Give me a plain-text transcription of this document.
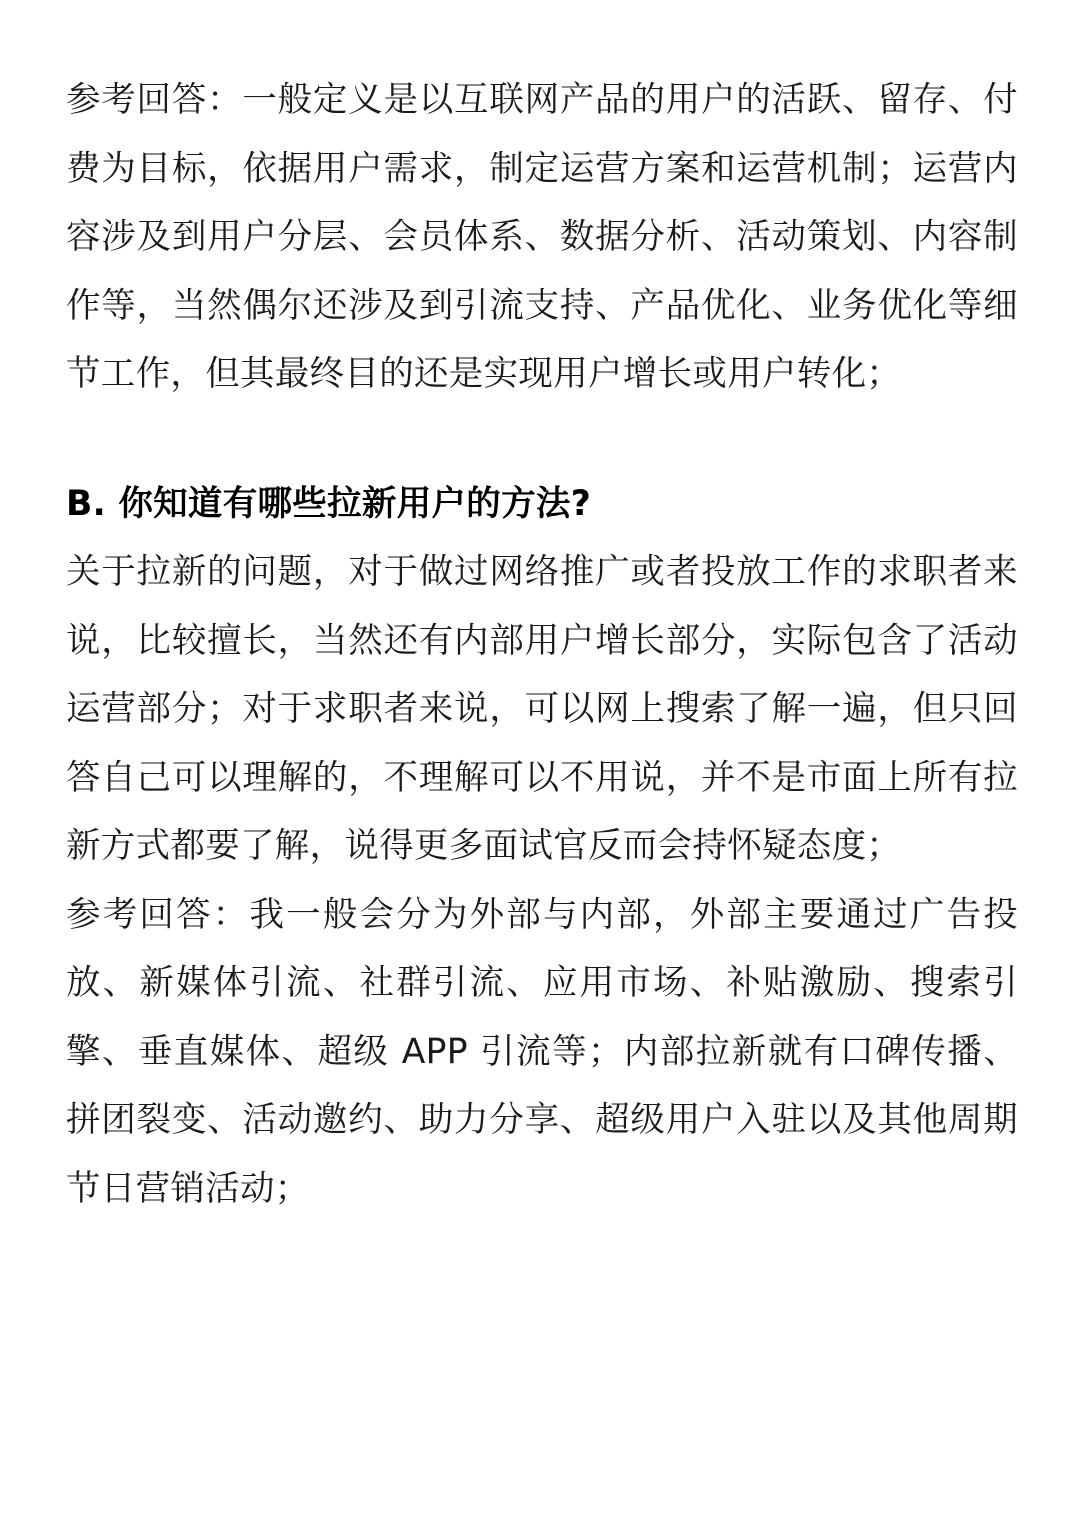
参考回答：一般定义是以互联网产品的用户的活跃、留存、付费为目标，依据用户需求，制定运营方案和运营机制；运营内容涉及到用户分层、会员体系、数据分析、活动策划、内容制作等，当然偶尔还涉及到引流支持、产品优化、业务优化等细节工作，但其最终目的还是实现用户增长或用户转化；

B. 你知道有哪些拉新用户的方法?

关于拉新的问题，对于做过网络推广或者投放工作的求职者来说，比较擅长，当然还有内部用户增长部分，实际包含了活动运营部分；对于求职者来说，可以网上搜索了解一遍，但只回答自己可以理解的，不理解可以不用说，并不是市面上所有拉新方式都要了解，说得更多面试官反而会持怀疑态度；

参考回答：我一般会分为外部与内部，外部主要通过广告投放、新媒体引流、社群引流、应用市场、补贴激励、搜索引擎、垂直媒体、超级 APP 引流等；内部拉新就有口碑传播、拼团裂变、活动邀约、助力分享、超级用户入驻以及其他周期节日营销活动；
